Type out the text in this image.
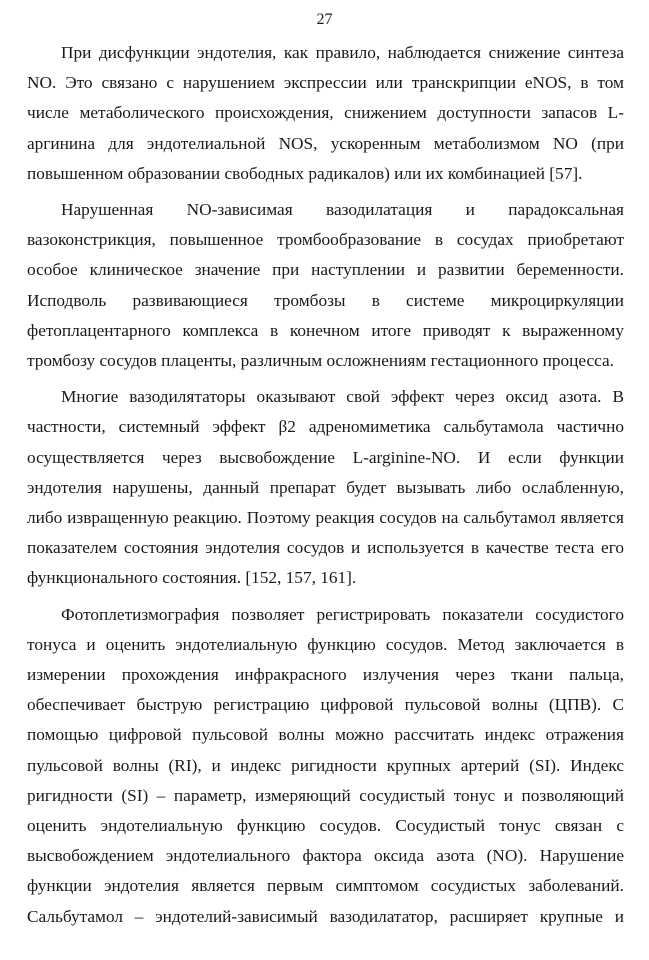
27

При дисфункции эндотелия, как правило, наблюдается снижение синтеза
NO. Это связано с нарушением экспрессии или транскрипции eNOS, в том
числе метаболического происхождения, снижением доступности запасов L-
аргинина для эндотелиальной NOS, ускоренным метаболизмом NO (при
повышенном образовании свободных радикалов) или их комбинацией [57].

Нарушенная NO-зависимая вазодилатация и парадоксальная
вазоконстрикция, повышенное тромбообразование в сосудах приобретают
особое клиническое значение при наступлении и развитии беременности.
Исподволь развивающиеся тромбозы в системе микроциркуляции
фетоплацентарного комплекса в конечном итоге приводят к выраженному
тромбозу сосудов плаценты, различным осложнениям гестационного процесса.

Многие вазодилятаторы оказывают свой эффект через оксид азота. В
частности, системный эффект β2 адреномиметика сальбутамола частично
осуществляется через высвобождение L-arginine-NO. И если функции
эндотелия нарушены, данный препарат будет вызывать либо ослабленную,
либо извращенную реакцию. Поэтому реакция сосудов на сальбутамол является
показателем состояния эндотелия сосудов и используется в качестве теста его
функционального состояния. [152, 157, 161].

Фотоплетизмография позволяет регистрировать показатели сосудистого
тонуса и оценить эндотелиальную функцию сосудов. Метод заключается в
измерении прохождения инфракрасного излучения через ткани пальца,
обеспечивает быструю регистрацию цифровой пульсовой волны (ЦПВ). С
помощью цифровой пульсовой волны можно рассчитать индекс отражения
пульсовой волны (RI), и индекс ригидности крупных артерий (SI). Индекс
ригидности (SI) – параметр, измеряющий сосудистый тонус и позволяющий
оценить эндотелиальную функцию сосудов. Сосудистый тонус связан с
высвобождением эндотелиального фактора оксида азота (NO). Нарушение
функции эндотелия является первым симптомом сосудистых заболеваний.
Сальбутамол – эндотелий-зависимый вазодилататор, расширяет крупные и
